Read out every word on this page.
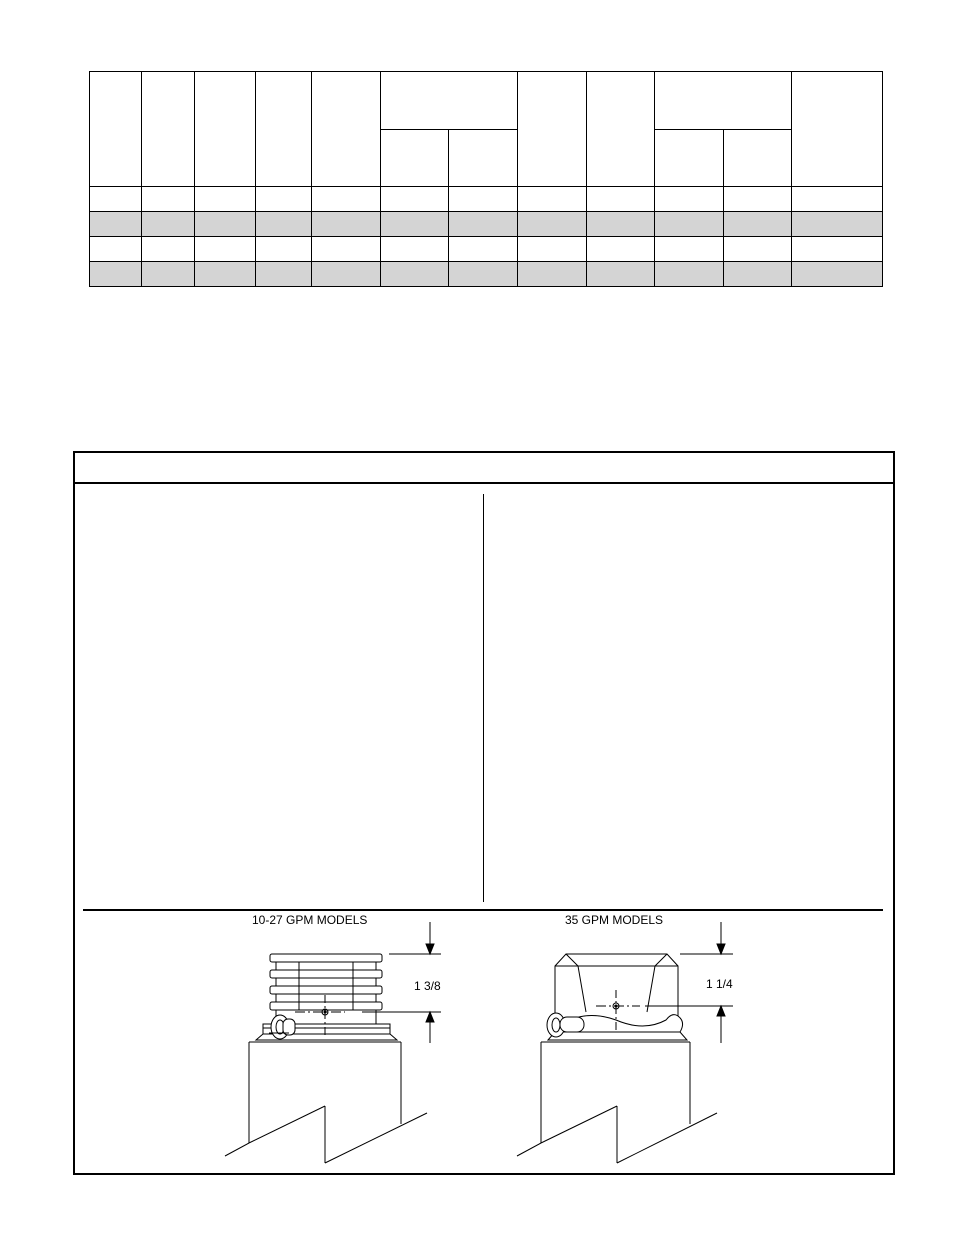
10-27 GPM MODELS
1 3/8
35 GPM MODELS
1 1/4
